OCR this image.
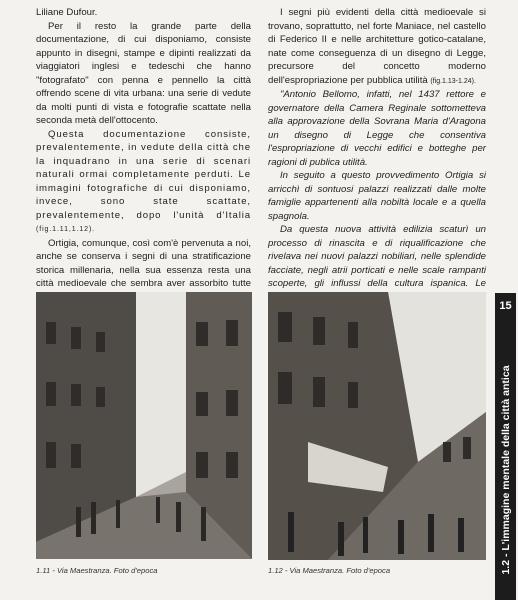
Liliane Dufour.

Per il resto la grande parte della documentazione, di cui disponiamo, consiste appunto in disegni, stampe e dipinti realizzati da viaggiatori inglesi e tedeschi che hanno "fotografato" con penna e pennello la città offrendo scene di vita urbana: una serie di vedute da molti punti di vista e fotografie scattate nella seconda metà dell'ottocento.

Questa documentazione consiste, prevalentemente, in vedute della città che la inquadrano in una serie di scenari naturali ormai completamente perduti. Le immagini fotografiche di cui disponiamo, invece, sono state scattate, prevalentemente, dopo l'unità d'Italia (fig.1.11,1.12).

Ortigia, comunque, così com'è pervenuta a noi, anche se conserva i segni di una stratificazione storica millenaria, nella sua essenza resta una città medioevale che sembra aver assorbito tutte

I segni più evidenti della città medioevale si trovano, soprattutto, nel forte Maniace, nel castello di Federico II e nelle architetture gotico-catalane, nate come conseguenza di un disegno di Legge, precursore del concetto moderno dell'espropriazione per pubblica utilità (fig.1.13-1.24).

"Antonio Bellomo, infatti, nel 1437 rettore e governatore della Camera Reginale sottometteva alla approvazione della Sovrana Maria d'Aragona un disegno di Legge che consentiva l'espropriazione di vecchi edifici e botteghe per ragioni di publica utilità.

In seguito a questo provvedimento Ortigia si arricchì di sontuosi palazzi realizzati dalle molte famiglie appartenenti alla nobiltà locale e a quella spagnola.

Da questa nuova attività edilizia scaturì un processo di rinascita e di riqualificazione che rivelava nei nuovi palazzi nobiliari, nelle splendide facciate, negli atrii porticati e nelle scale rampanti scoperte, gli influssi della cultura ispanica. Le

1.11 - Via Maestranza. Foto d'epoca	1.12 - Via Maestranza. Foto d'epoca
15
1.2 - L'immagine mentale della città antica
